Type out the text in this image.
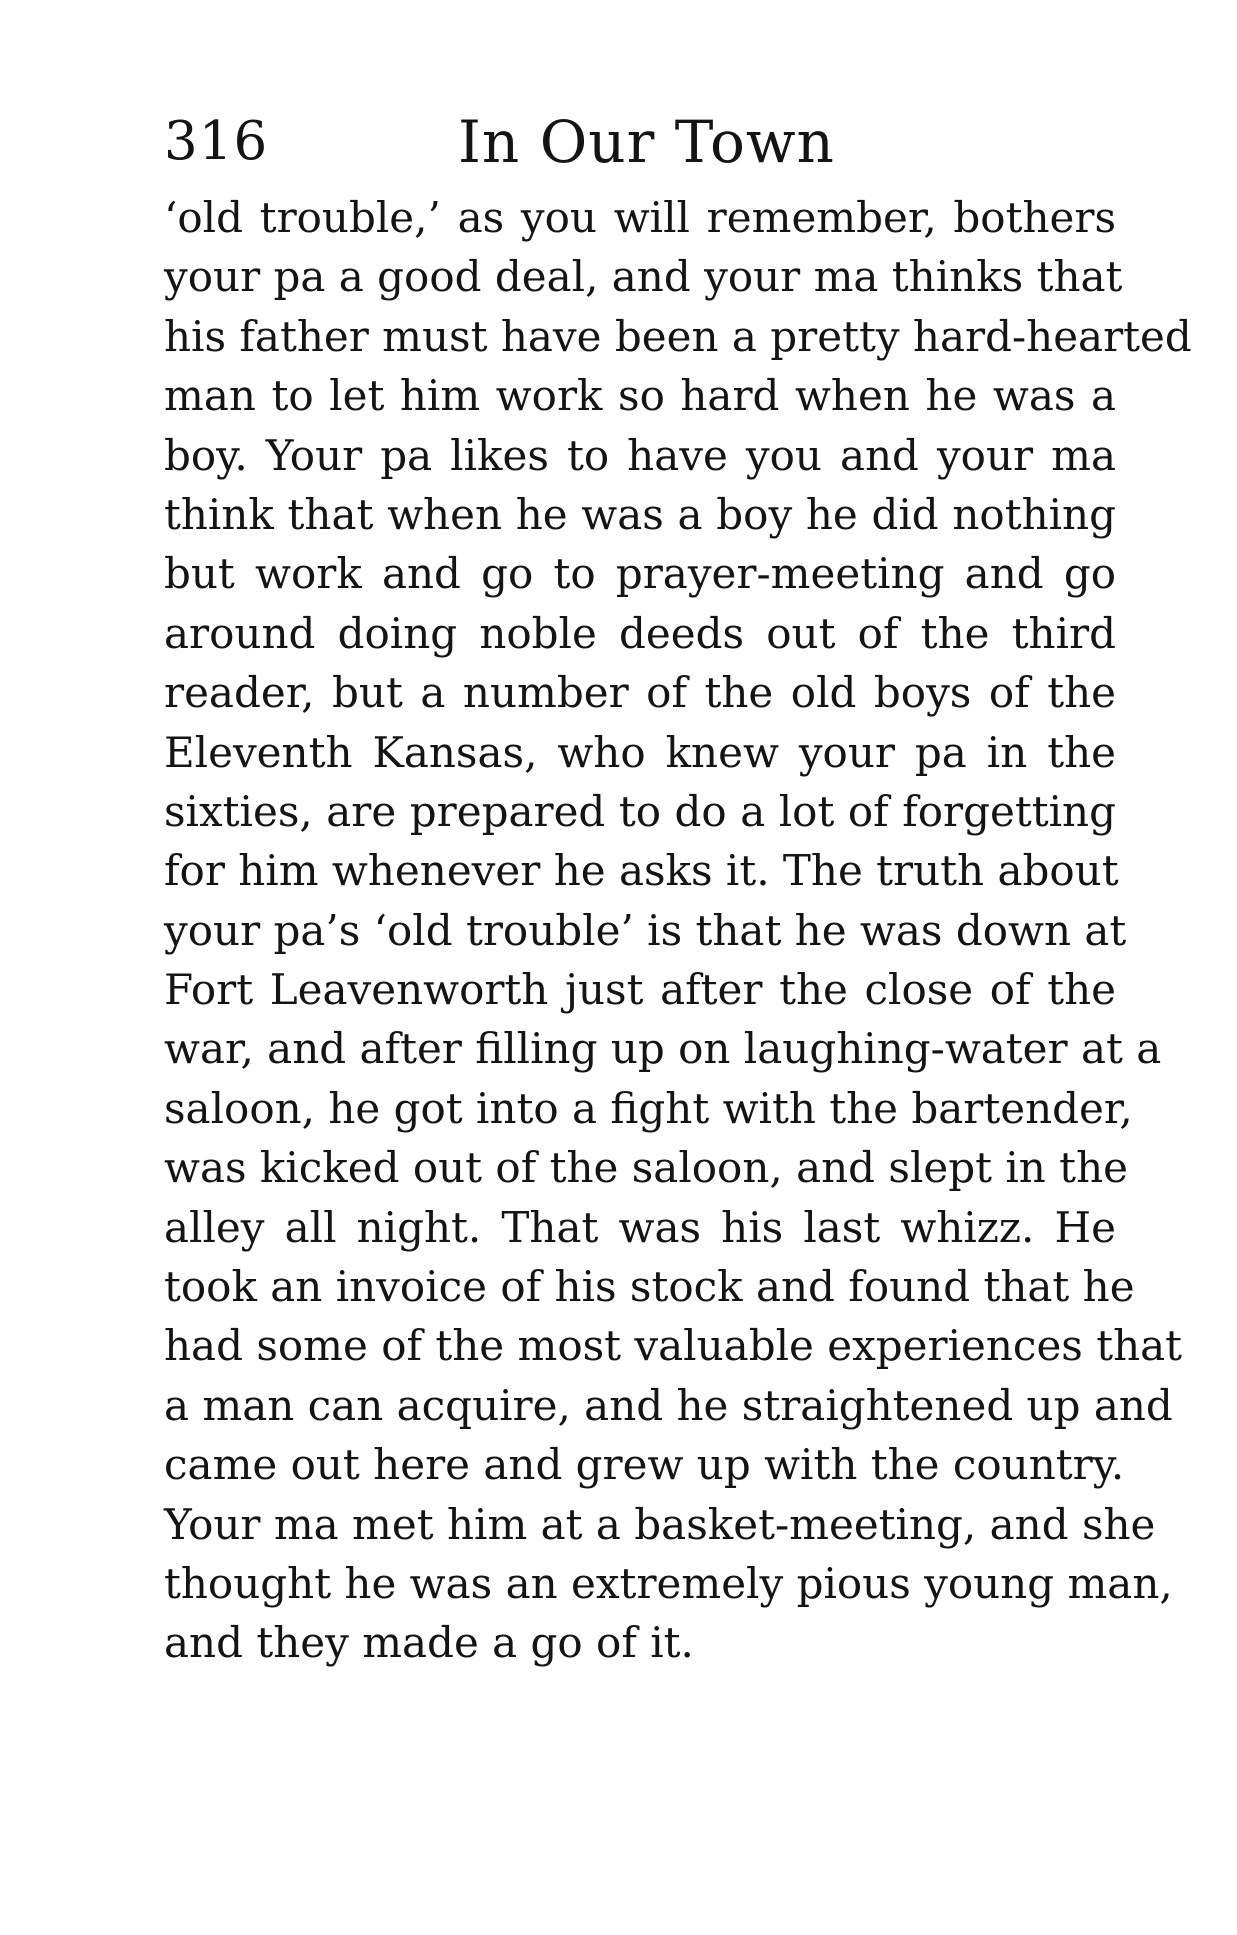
316	In Our Town
‘old trouble,’ as you will remember, bothers
your pa a good deal, and your ma thinks that
his father must have been a pretty hard-hearted
man to let him work so hard when he was a
boy. Your pa likes to have you and your ma
think that when he was a boy he did nothing
but work and go to prayer-meeting and go
around doing noble deeds out of the third
reader, but a number of the old boys of the
Eleventh Kansas, who knew your pa in the
sixties, are prepared to do a lot of forgetting
for him whenever he asks it. The truth about
your pa’s ‘old trouble’ is that he was down at
Fort Leavenworth just after the close of the
war, and after filling up on laughing-water at a
saloon, he got into a fight with the bartender,
was kicked out of the saloon, and slept in the
alley all night. That was his last whizz. He
took an invoice of his stock and found that he
had some of the most valuable experiences that
a man can acquire, and he straightened up and
came out here and grew up with the country.
Your ma met him at a basket-meeting, and she
thought he was an extremely pious young man,
and they made a go of it.
